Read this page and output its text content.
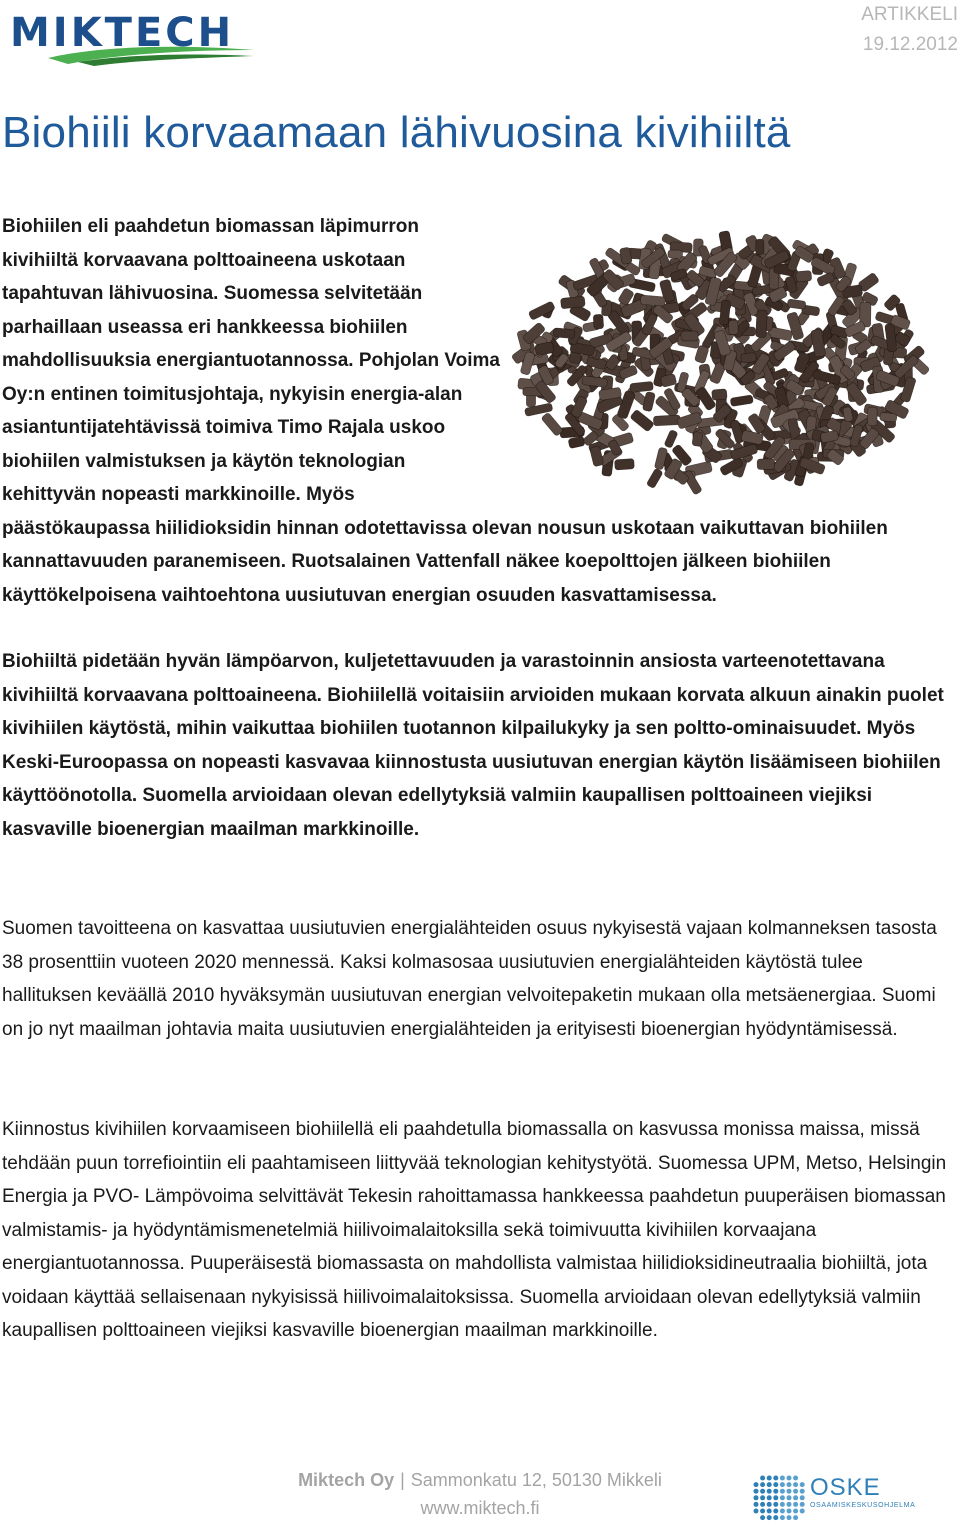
MIKTECH	ARTIKKELI
19.12.2012
Biohiili korvaamaan lähivuosina kivihiiltä

Biohiilen eli paahdetun biomassan läpimurron kivihiiltä korvaavana polttoaineena uskotaan tapahtuvan lähivuosina. Suomessa selvitetään parhaillaan useassa eri hankkeessa biohiilen mahdollisuuksia energiantuotannossa. Pohjolan Voima Oy:n entinen toimitusjohtaja, nykyisin energia-alan asiantuntijatehtävissä toimiva Timo Rajala uskoo biohiilen valmistuksen ja käytön teknologian kehittyvän nopeasti markkinoille. Myös päästökaupassa hiilidioksidin hinnan odotettavissa olevan nousun uskotaan vaikuttavan biohiilen kannattavuuden paranemiseen. Ruotsalainen Vattenfall näkee koepolttojen jälkeen biohiilen käyttökelpoisena vaihtoehtona uusiutuvan energian osuuden kasvattamisessa.

Biohiiltä pidetään hyvän lämpöarvon, kuljetettavuuden ja varastoinnin ansiosta varteenotettavana kivihiiltä korvaavana polttoaineena. Biohiilellä voitaisiin arvioiden mukaan korvata alkuun ainakin puolet kivihiilen käytöstä, mihin vaikuttaa biohiilen tuotannon kilpailukyky ja sen poltto-ominaisuudet. Myös Keski-Euroopassa on nopeasti kasvavaa kiinnostusta uusiutuvan energian käytön lisäämiseen biohiilen käyttöönotolla. Suomella arvioidaan olevan edellytyksiä valmiin kaupallisen polttoaineen viejiksi kasvaville bioenergian maailman markkinoille.

Suomen tavoitteena on kasvattaa uusiutuvien energialähteiden osuus nykyisestä vajaan kolmanneksen tasosta 38 prosenttiin vuoteen 2020 mennessä. Kaksi kolmasosaa uusiutuvien energialähteiden käytöstä tulee hallituksen keväällä 2010 hyväksymän uusiutuvan energian velvoitepaketin mukaan olla metsäenergiaa. Suomi on jo nyt maailman johtavia maita uusiutuvien energialähteiden ja erityisesti bioenergian hyödyntämisessä.

Kiinnostus kivihiilen korvaamiseen biohiilellä eli paahdetulla biomassalla on kasvussa monissa maissa, missä tehdään puun torrefiointiin eli paahtamiseen liittyvää teknologian kehitystyötä. Suomessa UPM, Metso, Helsingin Energia ja PVO- Lämpövoima selvittävät Tekesin rahoittamassa hankkeessa paahdetun puuperäisen biomassan valmistamis- ja hyödyntämismenetelmiä hiilivoimalaitoksilla sekä toimivuutta kivihiilen korvaajana energiantuotannossa. Puuperäisestä biomassasta on mahdollista valmistaa hiilidioksidineutraalia biohiiltä, jota voidaan käyttää sellaisenaan nykyisissä hiilivoimalaitoksissa. Suomella arvioidaan olevan edellytyksiä valmiin kaupallisen polttoaineen viejiksi kasvaville bioenergian maailman markkinoille.

Miktech Oy | Sammonkatu 12, 50130 Mikkeli
www.miktech.fi
OSKE
OSAAMISKESKUSOHJELMA
